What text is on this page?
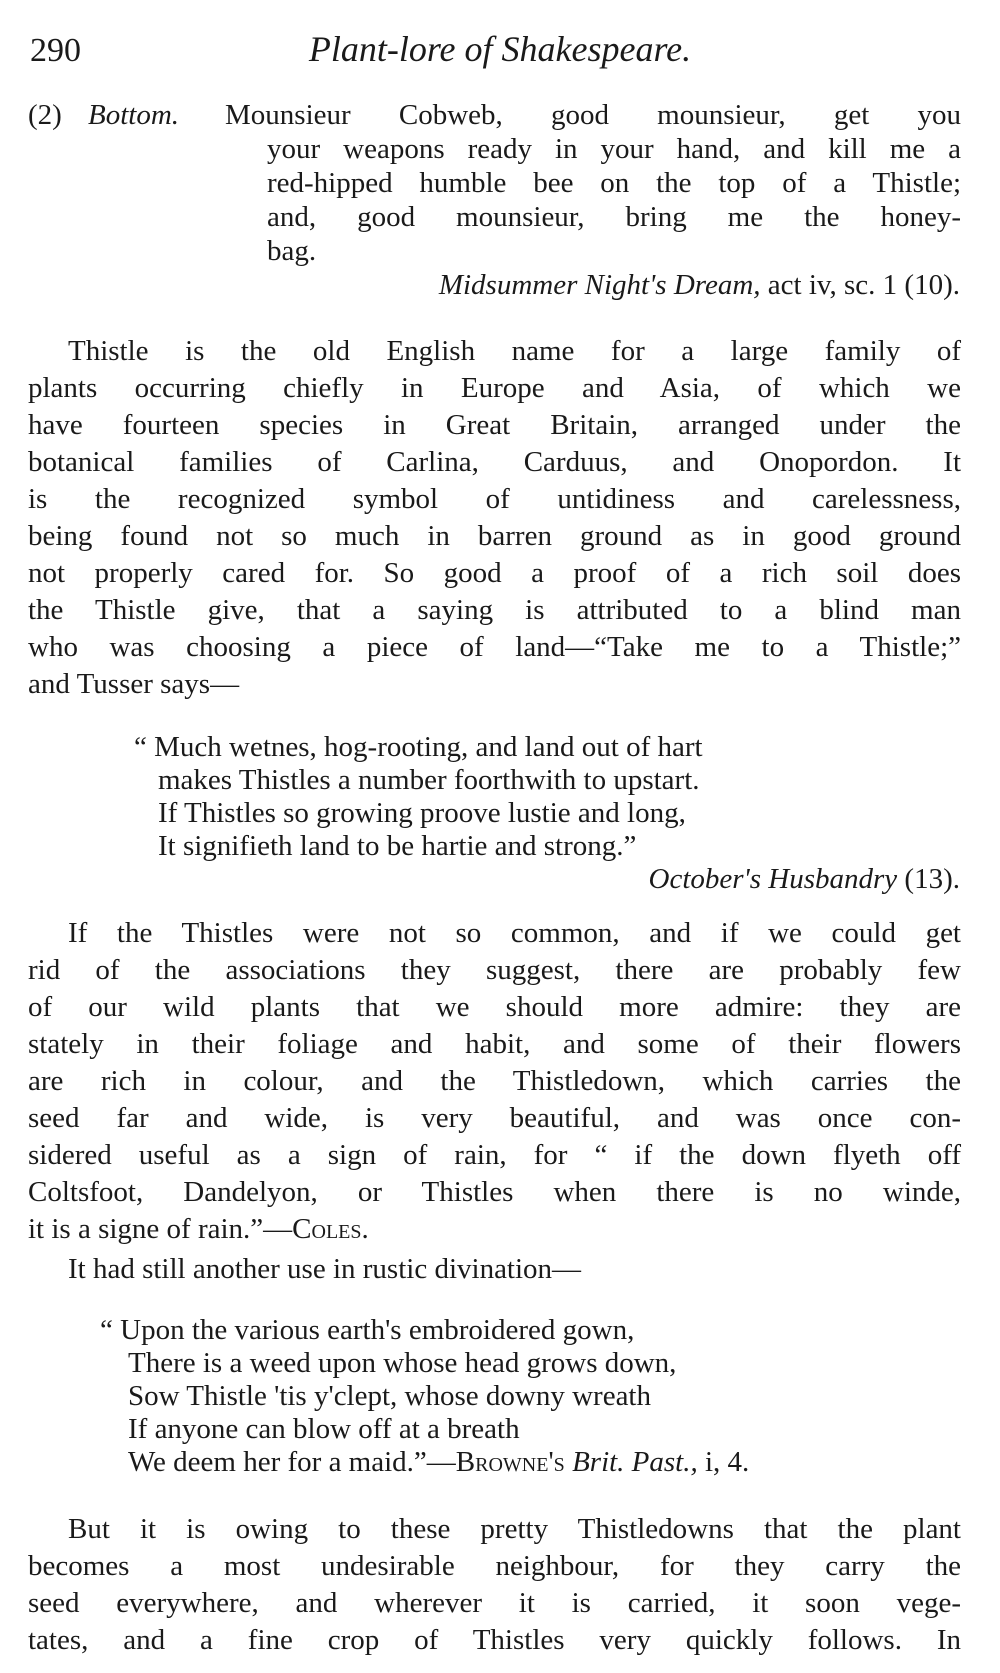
290	Plant-lore of Shakespeare.
(2) Bottom. Mounsieur Cobweb, good mounsieur, get you
your weapons ready in your hand, and kill me a
red-hipped humble bee on the top of a Thistle;
and, good mounsieur, bring me the honey-
bag.
Midsummer Night's Dream, act iv, sc. 1 (10).
Thistle is the old English name for a large family of
plants occurring chiefly in Europe and Asia, of which we
have fourteen species in Great Britain, arranged under the
botanical families of Carlina, Carduus, and Onopordon. It
is the recognized symbol of untidiness and carelessness,
being found not so much in barren ground as in good ground
not properly cared for. So good a proof of a rich soil does
the Thistle give, that a saying is attributed to a blind man
who was choosing a piece of land—“Take me to a Thistle;”
and Tusser says—
“ Much wetnes, hog-rooting, and land out of hart
makes Thistles a number foorthwith to upstart.
If Thistles so growing proove lustie and long,
It signifieth land to be hartie and strong.”
October's Husbandry (13).
If the Thistles were not so common, and if we could get
rid of the associations they suggest, there are probably few
of our wild plants that we should more admire: they are
stately in their foliage and habit, and some of their flowers
are rich in colour, and the Thistledown, which carries the
seed far and wide, is very beautiful, and was once con-
sidered useful as a sign of rain, for “ if the down flyeth off
Coltsfoot, Dandelyon, or Thistles when there is no winde,
it is a signe of rain.”—Coles.
It had still another use in rustic divination—
“ Upon the various earth's embroidered gown,
There is a weed upon whose head grows down,
Sow Thistle 'tis y'clept, whose downy wreath
If anyone can blow off at a breath
We deem her for a maid.”—Browne's Brit. Past., i, 4.
But it is owing to these pretty Thistledowns that the plant
becomes a most undesirable neighbour, for they carry the
seed everywhere, and wherever it is carried, it soon vege-
tates, and a fine crop of Thistles very quickly follows. In
